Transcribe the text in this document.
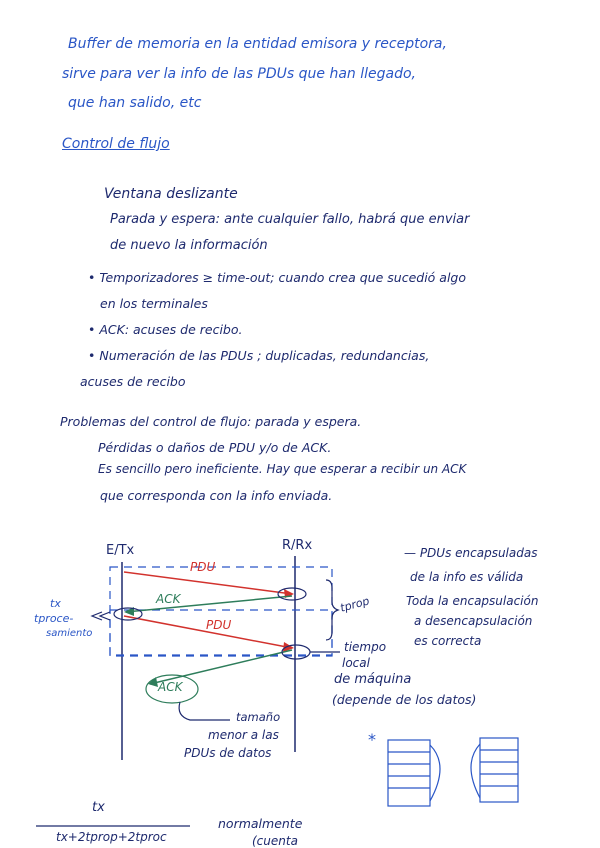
Buffer de memoria en la entidad emisora y receptora,
sirve para ver la info de las PDUs que han llegado,
que han salido, etc
Control de flujo
Ventana deslizante
Parada y espera: ante cualquier fallo, habrá que enviar
de nuevo la información
• Temporizadores ≥ time-out; cuando crea que sucedió algo
en los terminales
• ACK: acuses de recibo.
• Numeración de las PDUs ; duplicadas, redundancias,
acuses de recibo
Problemas del control de flujo: parada y espera.
Pérdidas o daños de PDU y/o de ACK.
Es sencillo pero ineficiente. Hay que esperar a recibir un ACK
que corresponda con la info enviada.
E/Tx	R/Rx
PDU
ACK
PDU
ACK
tx
tproce-
samiento
tprop
tiempo
local
de máquina
(depende de los datos)
tamaño
menor a las
PDUs de datos
— PDUs encapsuladas
de la info es válida
Toda la encapsulación
a desencapsulación
es correcta
*
tx
tx+2tprop+2tproc
normalmente
(cuenta
